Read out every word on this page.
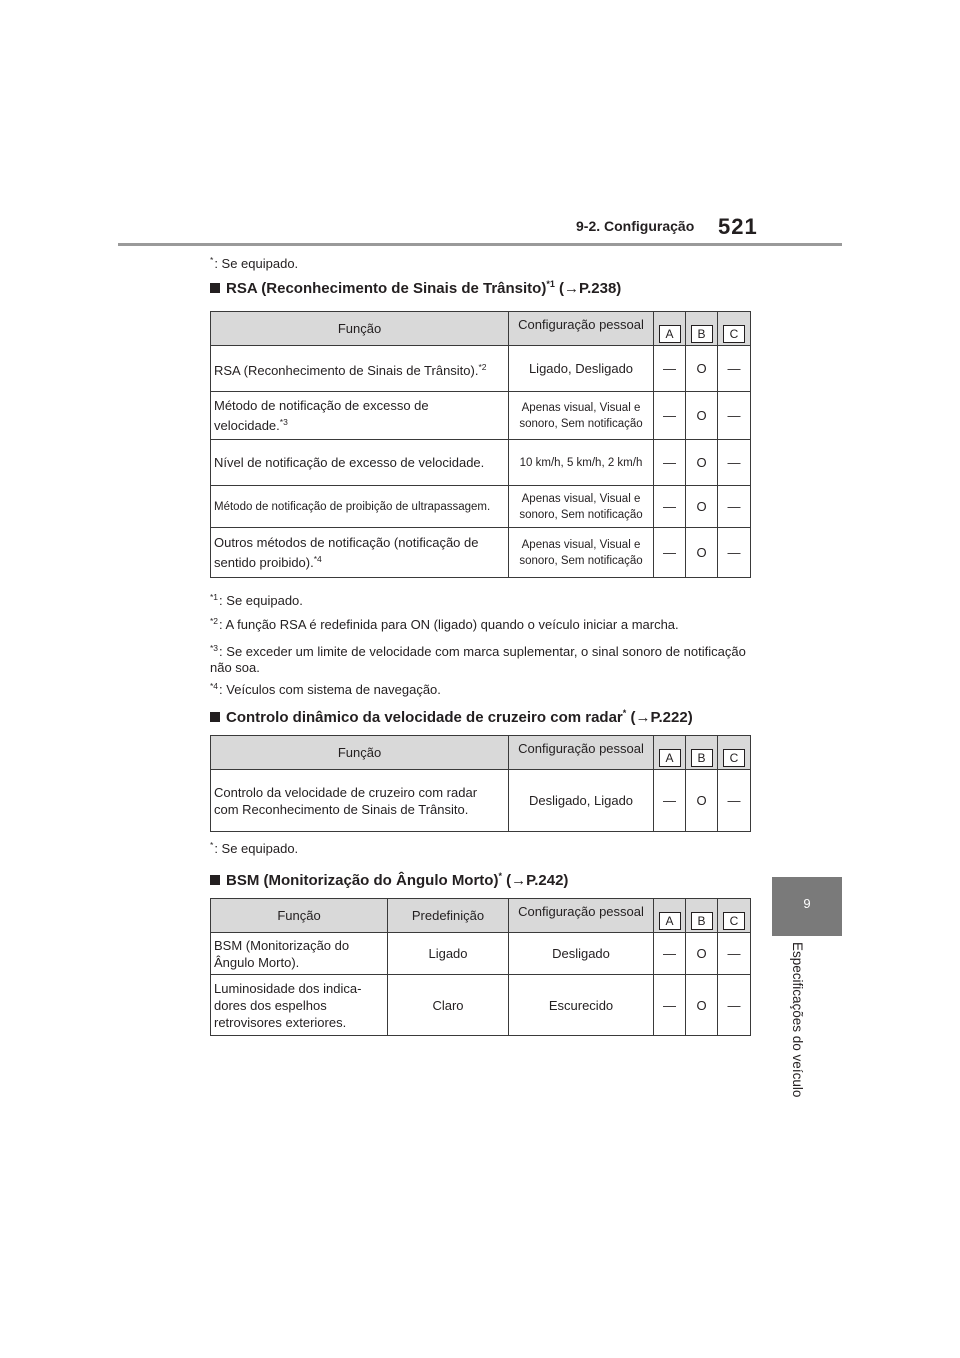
9-2. Configuração 521
9
Especificações do veículo
*: Se equipado.
RSA (Reconhecimento de Sinais de Trânsito)$^{*1}$ (→P.238)
Função	Configuração pessoal	A	B	C
RSA (Reconhecimento de Sinais de Trânsito).$^{*2}$	Ligado, Desligado	—	O	—
Método de notificação de excesso de velocidade.$^{*3}$	Apenas visual, Visual e sonoro, Sem notificação	—	O	—
Nível de notificação de excesso de velocidade.	10 km/h, 5 km/h, 2 km/h	—	O	—
Método de notificação de proibição de ultrapassagem.	Apenas visual, Visual e sonoro, Sem notificação	—	O	—
Outros métodos de notificação (notificação de sentido proibido).$^{*4}$	Apenas visual, Visual e sonoro, Sem notificação	—	O	—
$^{*1}$: Se equipado.
$^{*2}$: A função RSA é redefinida para ON (ligado) quando o veículo iniciar a marcha.
$^{*3}$: Se exceder um limite de velocidade com marca suplementar, o sinal sonoro de notificação não soa.
$^{*4}$: Veículos com sistema de navegação.
Controlo dinâmico da velocidade de cruzeiro com radar* (→P.222)
Função	Configuração pessoal	A	B	C
Controlo da velocidade de cruzeiro com radar com Reconhecimento de Sinais de Trânsito.	Desligado, Ligado	—	O	—
*: Se equipado.
BSM (Monitorização do Ângulo Morto)* (→P.242)
Função	Predefinição	Configuração pessoal	A	B	C
BSM (Monitorização do Ângulo Morto).	Ligado	Desligado	—	O	—
Luminosidade dos indica-dores dos espelhos retrovisores exteriores.	Claro	Escurecido	—	O	—
